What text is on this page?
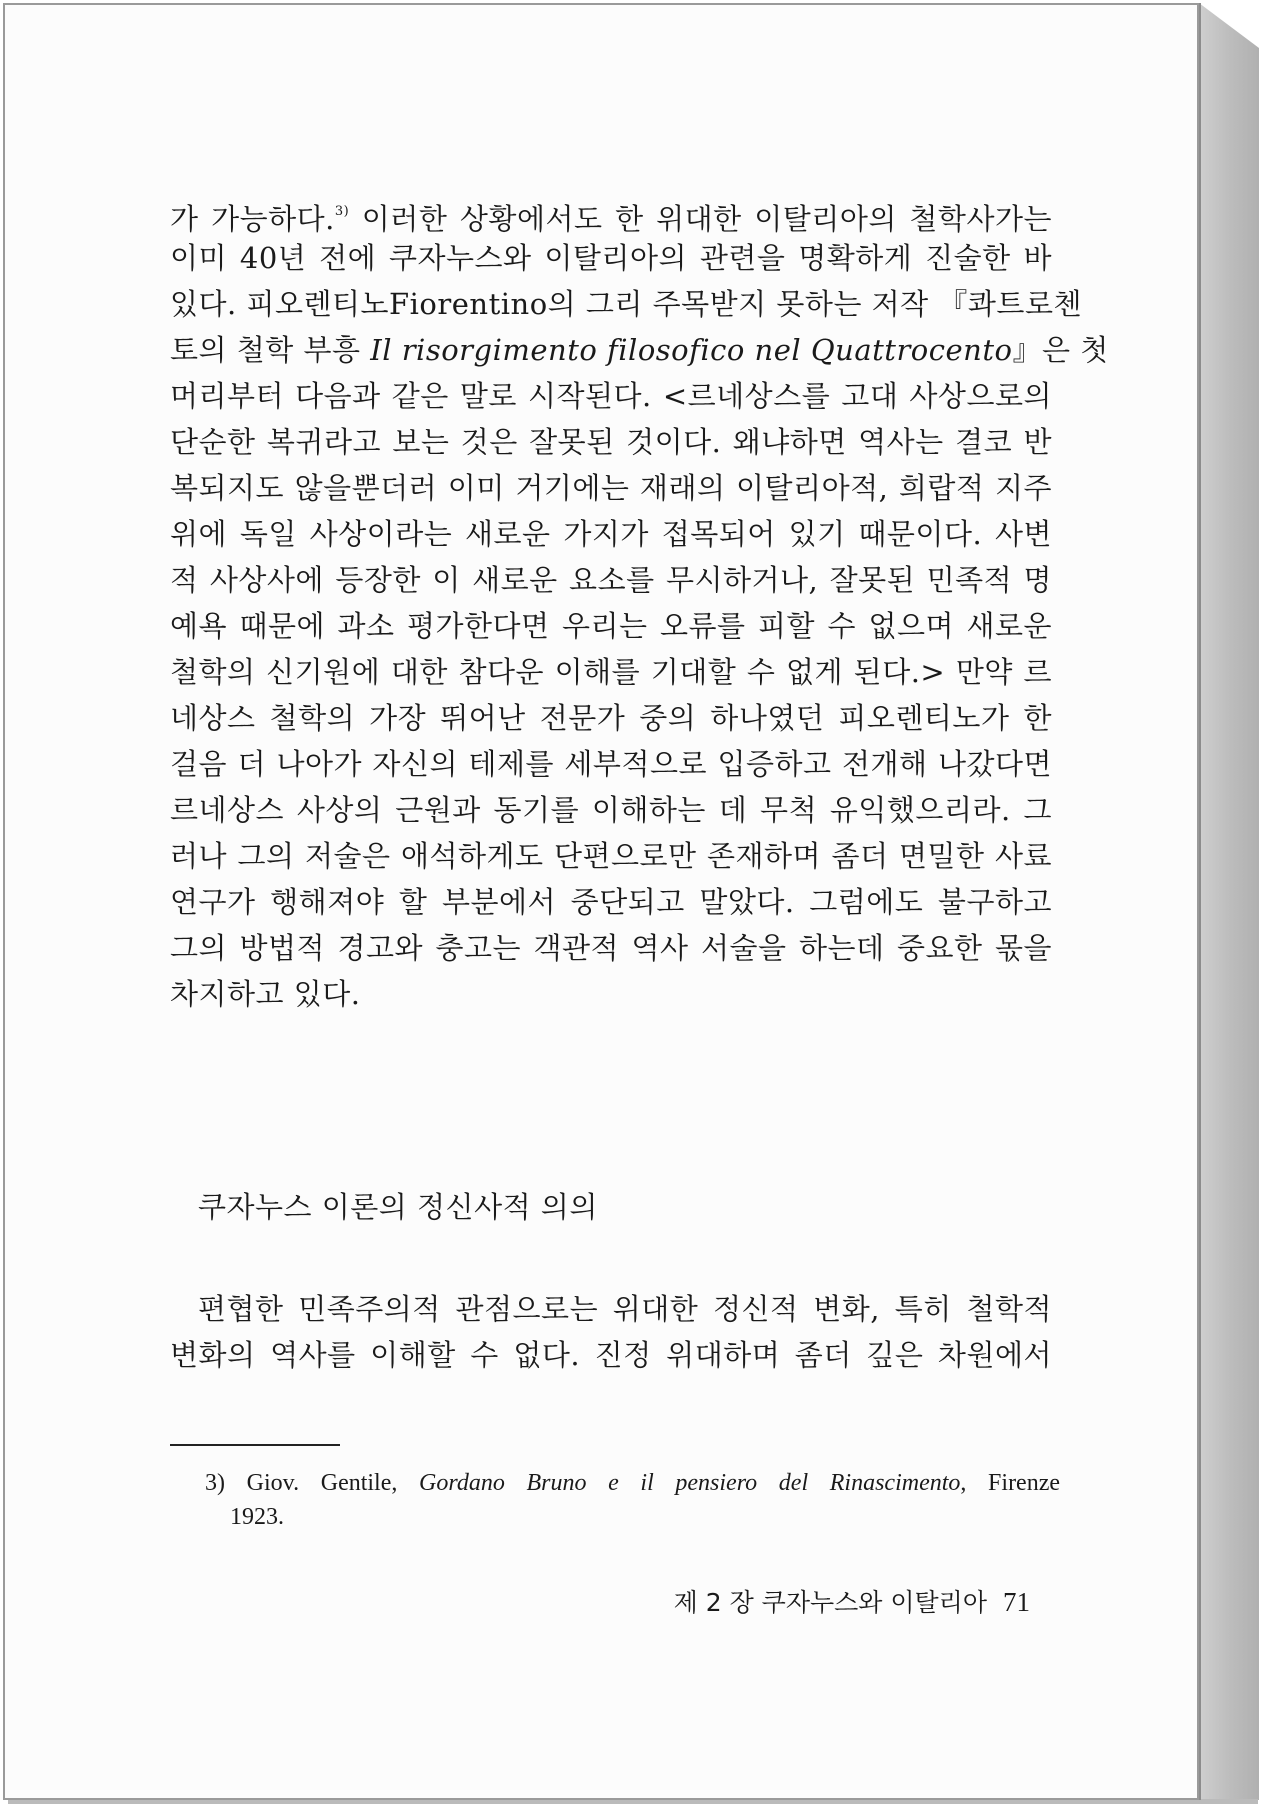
가 가능하다.$^{3)}$ 이러한 상황에서도 한 위대한 이탈리아의 철학사가는
이미 40년 전에 쿠자누스와 이탈리아의 관련을 명확하게 진술한 바
있다. 피오렌티노Fiorentino의 그리 주목받지 못하는 저작 『콰트로첸
토의 철학 부흥 Il risorgimento filosofico nel Quattrocento』은 첫
머리부터 다음과 같은 말로 시작된다. <르네상스를 고대 사상으로의
단순한 복귀라고 보는 것은 잘못된 것이다. 왜냐하면 역사는 결코 반
복되지도 않을뿐더러 이미 거기에는 재래의 이탈리아적, 희랍적 지주
위에 독일 사상이라는 새로운 가지가 접목되어 있기 때문이다. 사변
적 사상사에 등장한 이 새로운 요소를 무시하거나, 잘못된 민족적 명
예욕 때문에 과소 평가한다면 우리는 오류를 피할 수 없으며 새로운
철학의 신기원에 대한 참다운 이해를 기대할 수 없게 된다.> 만약 르
네상스 철학의 가장 뛰어난 전문가 중의 하나였던 피오렌티노가 한
걸음 더 나아가 자신의 테제를 세부적으로 입증하고 전개해 나갔다면
르네상스 사상의 근원과 동기를 이해하는 데 무척 유익했으리라. 그
러나 그의 저술은 애석하게도 단편으로만 존재하며 좀더 면밀한 사료
연구가 행해져야 할 부분에서 중단되고 말았다. 그럼에도 불구하고
그의 방법적 경고와 충고는 객관적 역사 서술을 하는데 중요한 몫을
차지하고 있다.
쿠자누스 이론의 정신사적 의의
편협한 민족주의적 관점으로는 위대한 정신적 변화, 특히 철학적
변화의 역사를 이해할 수 없다. 진정 위대하며 좀더 깊은 차원에서
3) Giov. Gentile, Gordano Bruno e il pensiero del Rinascimento, Firenze
1923.
제 2 장 쿠자누스와 이탈리아 71
